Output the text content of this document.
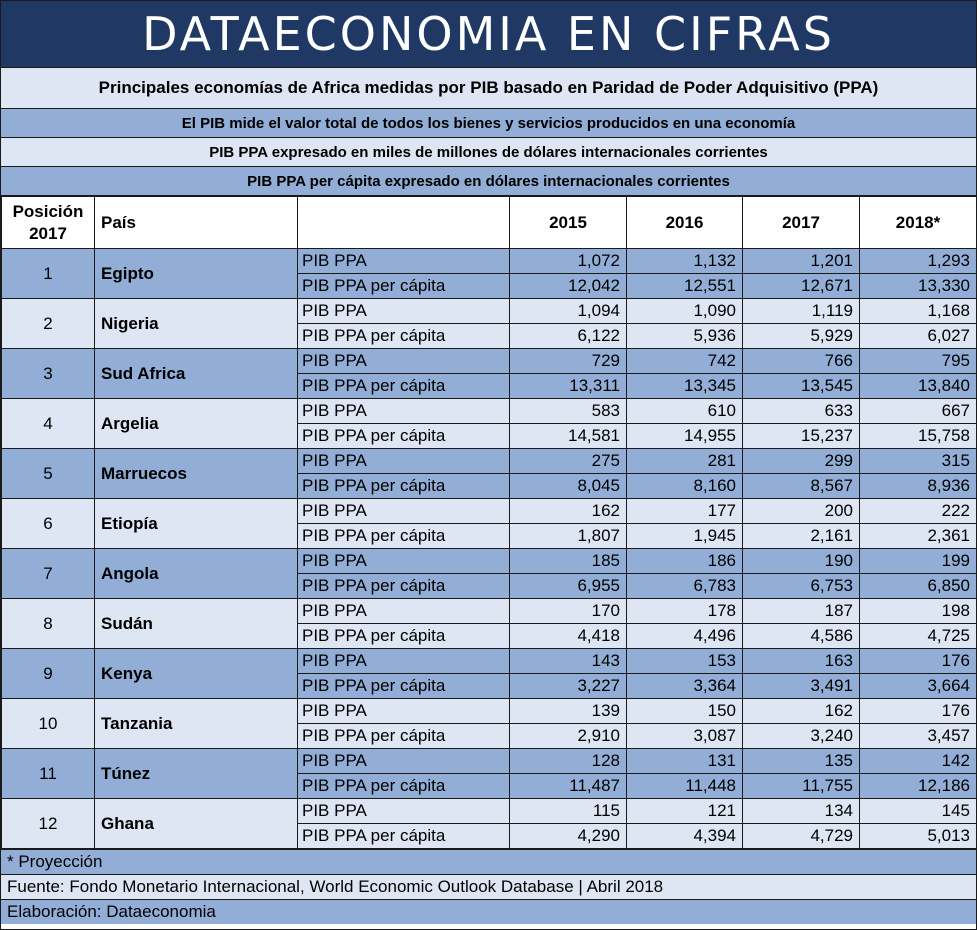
DATAECONOMIA EN CIFRAS
Principales economías de Africa medidas por PIB basado en Paridad de Poder Adquisitivo (PPA)
El PIB mide el valor total de todos los bienes y servicios producidos en una economía
PIB PPA expresado en miles de millones de dólares internacionales corrientes
PIB PPA per cápita expresado en dólares internacionales corrientes
Posición
2017	País		2015	2016	2017	2018*
1	Egipto	PIB PPA	1,072	1,132	1,201	1,293
		PIB PPA per cápita	12,042	12,551	12,671	13,330
2	Nigeria	PIB PPA	1,094	1,090	1,119	1,168
		PIB PPA per cápita	6,122	5,936	5,929	6,027
3	Sud Africa	PIB PPA	729	742	766	795
		PIB PPA per cápita	13,311	13,345	13,545	13,840
4	Argelia	PIB PPA	583	610	633	667
		PIB PPA per cápita	14,581	14,955	15,237	15,758
5	Marruecos	PIB PPA	275	281	299	315
		PIB PPA per cápita	8,045	8,160	8,567	8,936
6	Etiopía	PIB PPA	162	177	200	222
		PIB PPA per cápita	1,807	1,945	2,161	2,361
7	Angola	PIB PPA	185	186	190	199
		PIB PPA per cápita	6,955	6,783	6,753	6,850
8	Sudán	PIB PPA	170	178	187	198
		PIB PPA per cápita	4,418	4,496	4,586	4,725
9	Kenya	PIB PPA	143	153	163	176
		PIB PPA per cápita	3,227	3,364	3,491	3,664
10	Tanzania	PIB PPA	139	150	162	176
		PIB PPA per cápita	2,910	3,087	3,240	3,457
11	Túnez	PIB PPA	128	131	135	142
		PIB PPA per cápita	11,487	11,448	11,755	12,186
12	Ghana	PIB PPA	115	121	134	145
		PIB PPA per cápita	4,290	4,394	4,729	5,013
* Proyección
Fuente: Fondo Monetario Internacional, World Economic Outlook Database | Abril 2018
Elaboración: Dataeconomia
